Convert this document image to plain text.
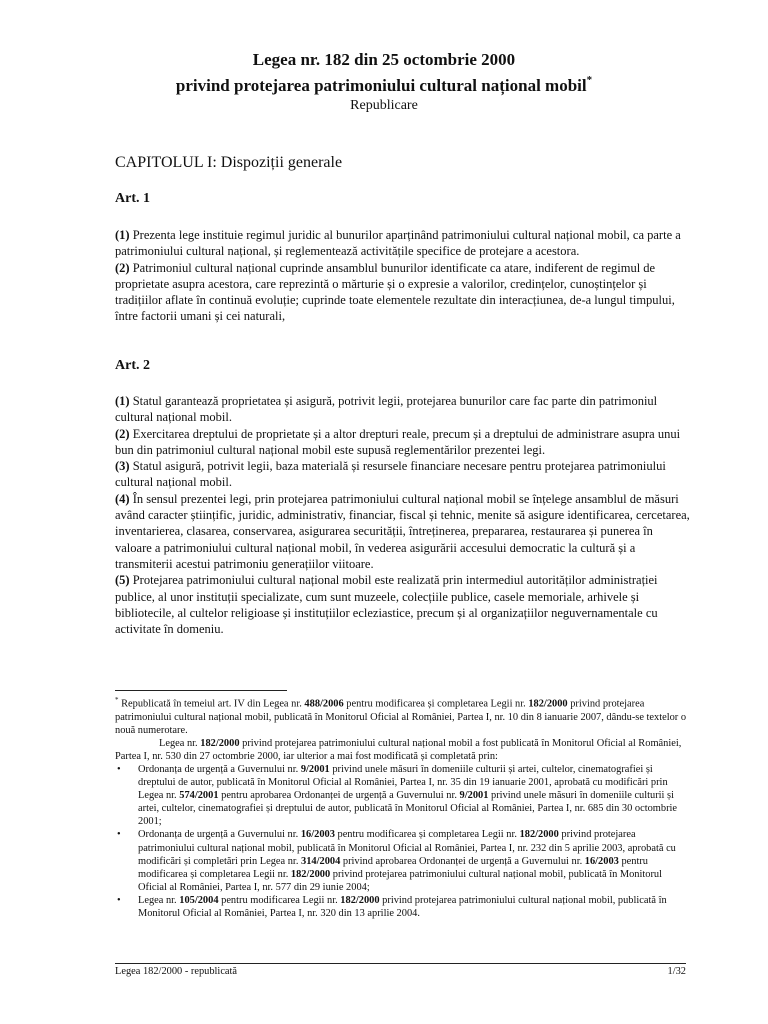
Legea nr. 182 din 25 octombrie 2000
privind protejarea patrimoniului cultural național mobil*
Republicare
CAPITOLUL I: Dispoziții generale
Art. 1

(1) Prezenta lege instituie regimul juridic al bunurilor aparținând patrimoniului cultural național mobil, ca parte a patrimoniului cultural național, și reglementează activitățile specifice de protejare a acestora.

(2) Patrimoniul cultural național cuprinde ansamblul bunurilor identificate ca atare, indiferent de regimul de proprietate asupra acestora, care reprezintă o mărturie și o expresie a valorilor, credințelor, cunoștințelor și tradițiilor aflate în continuă evoluție; cuprinde toate elementele rezultate din interacțiunea, de-a lungul timpului, între factorii umani și cei naturali,

Art. 2

(1) Statul garantează proprietatea și asigură, potrivit legii, protejarea bunurilor care fac parte din patrimoniul cultural național mobil.

(2) Exercitarea dreptului de proprietate și a altor drepturi reale, precum și a dreptului de administrare asupra unui bun din patrimoniul cultural național mobil este supusă reglementărilor prezentei legi.

(3) Statul asigură, potrivit legii, baza materială și resursele financiare necesare pentru protejarea patrimoniului cultural național mobil.

(4) În sensul prezentei legi, prin protejarea patrimoniului cultural național mobil se înțelege ansamblul de măsuri având caracter științific, juridic, administrativ, financiar, fiscal și tehnic, menite să asigure identificarea, cercetarea, inventarierea, clasarea, conservarea, asigurarea securității, întreținerea, prepararea, restaurarea și punerea în valoare a patrimoniului cultural național mobil, în vederea asigurării accesului democratic la cultură și a transmiterii acestui patrimoniu generațiilor viitoare.

(5) Protejarea patrimoniului cultural național mobil este realizată prin intermediul autorităților administrației publice, al unor instituții specializate, cum sunt muzeele, colecțiile publice, casele memoriale, arhivele și bibliotecile, al cultelor religioase și instituțiilor ecleziastice, precum și al organizațiilor neguvernamentale cu activitate în domeniu.

* Republicată în temeiul art. IV din Legea nr. 488/2006 pentru modificarea și completarea Legii nr. 182/2000 privind protejarea patrimoniului cultural național mobil, publicată în Monitorul Oficial al României, Partea I, nr. 10 din 8 ianuarie 2007, dându-se textelor o nouă numerotare.

Legea nr. 182/2000 privind protejarea patrimoniului cultural național mobil a fost publicată în Monitorul Oficial al României, Partea I, nr. 530 din 27 octombrie 2000, iar ulterior a mai fost modificată și completată prin:

• Ordonanța de urgență a Guvernului nr. 9/2001 privind unele măsuri în domeniile culturii și artei, cultelor, cinematografiei și dreptului de autor, publicată în Monitorul Oficial al României, Partea I, nr. 35 din 19 ianuarie 2001, aprobată cu modificări prin Legea nr. 574/2001 pentru aprobarea Ordonanței de urgență a Guvernului nr. 9/2001 privind unele măsuri în domeniile culturii și artei, cultelor, cinematografiei și dreptului de autor, publicată în Monitorul Oficial al României, Partea I, nr. 685 din 30 octombrie 2001;
• Ordonanța de urgență a Guvernului nr. 16/2003 pentru modificarea și completarea Legii nr. 182/2000 privind protejarea patrimoniului cultural național mobil, publicată în Monitorul Oficial al României, Partea I, nr. 232 din 5 aprilie 2003, aprobată cu modificări și completări prin Legea nr. 314/2004 privind aprobarea Ordonanței de urgență a Guvernului nr. 16/2003 pentru modificarea și completarea Legii nr. 182/2000 privind protejarea patrimoniului cultural național mobil, publicată în Monitorul Oficial al României, Partea I, nr. 577 din 29 iunie 2004;
• Legea nr. 105/2004 pentru modificarea Legii nr. 182/2000 privind protejarea patrimoniului cultural național mobil, publicată în Monitorul Oficial al României, Partea I, nr. 320 din 13 aprilie 2004.
Legea 182/2000 - republicată	1/32
